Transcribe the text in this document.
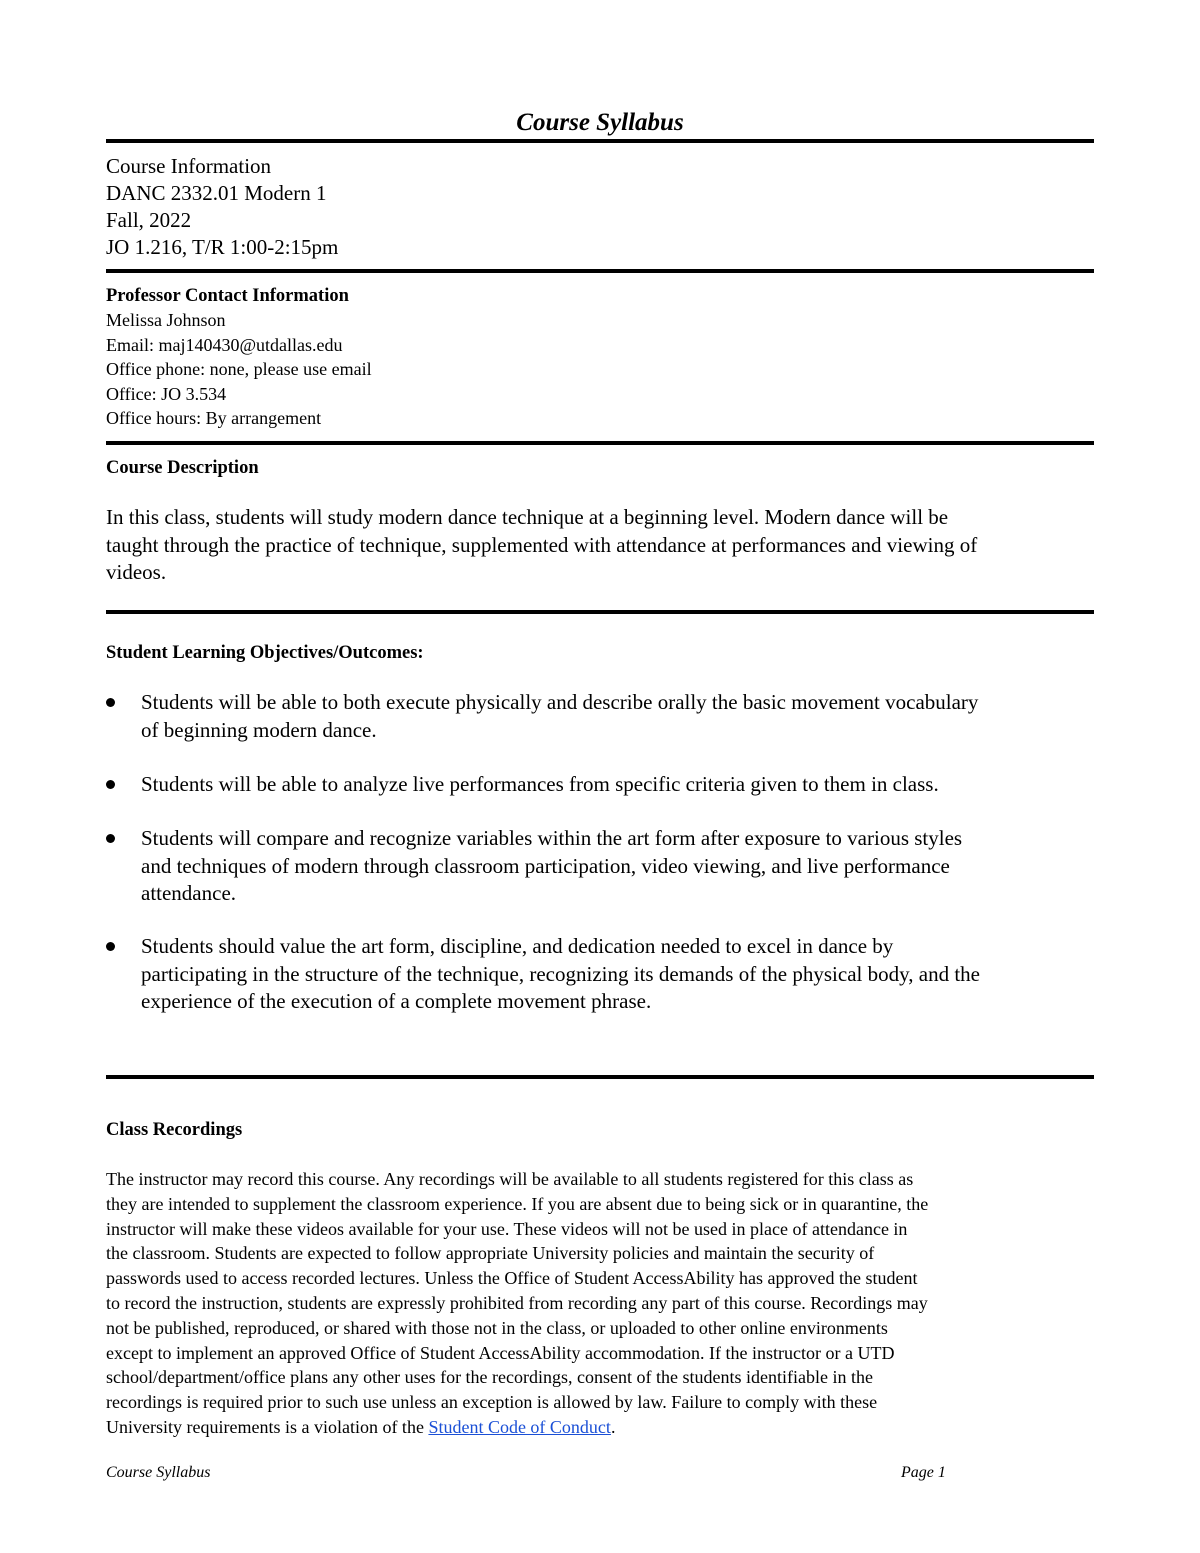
Course Syllabus
Course Information
DANC 2332.01 Modern 1
Fall, 2022
JO 1.216, T/R 1:00-2:15pm
Professor Contact Information
Melissa Johnson
Email: maj140430@utdallas.edu
Office phone: none, please use email
Office: JO 3.534
Office hours: By arrangement
Course Description
In this class, students will study modern dance technique at a beginning level. Modern dance will be
taught through the practice of technique, supplemented with attendance at performances and viewing of
videos.
Student Learning Objectives/Outcomes:
Students will be able to both execute physically and describe orally the basic movement vocabulary
of beginning modern dance.
Students will be able to analyze live performances from specific criteria given to them in class.
Students will compare and recognize variables within the art form after exposure to various styles
and techniques of modern through classroom participation, video viewing, and live performance
attendance.
Students should value the art form, discipline, and dedication needed to excel in dance by
participating in the structure of the technique, recognizing its demands of the physical body, and the
experience of the execution of a complete movement phrase.
Class Recordings
The instructor may record this course. Any recordings will be available to all students registered for this class as
they are intended to supplement the classroom experience. If you are absent due to being sick or in quarantine, the
instructor will make these videos available for your use. These videos will not be used in place of attendance in
the classroom. Students are expected to follow appropriate University policies and maintain the security of
passwords used to access recorded lectures. Unless the Office of Student AccessAbility has approved the student
to record the instruction, students are expressly prohibited from recording any part of this course. Recordings may
not be published, reproduced, or shared with those not in the class, or uploaded to other online environments
except to implement an approved Office of Student AccessAbility accommodation. If the instructor or a UTD
school/department/office plans any other uses for the recordings, consent of the students identifiable in the
recordings is required prior to such use unless an exception is allowed by law. Failure to comply with these
University requirements is a violation of the Student Code of Conduct.
Course Syllabus	Page 1
